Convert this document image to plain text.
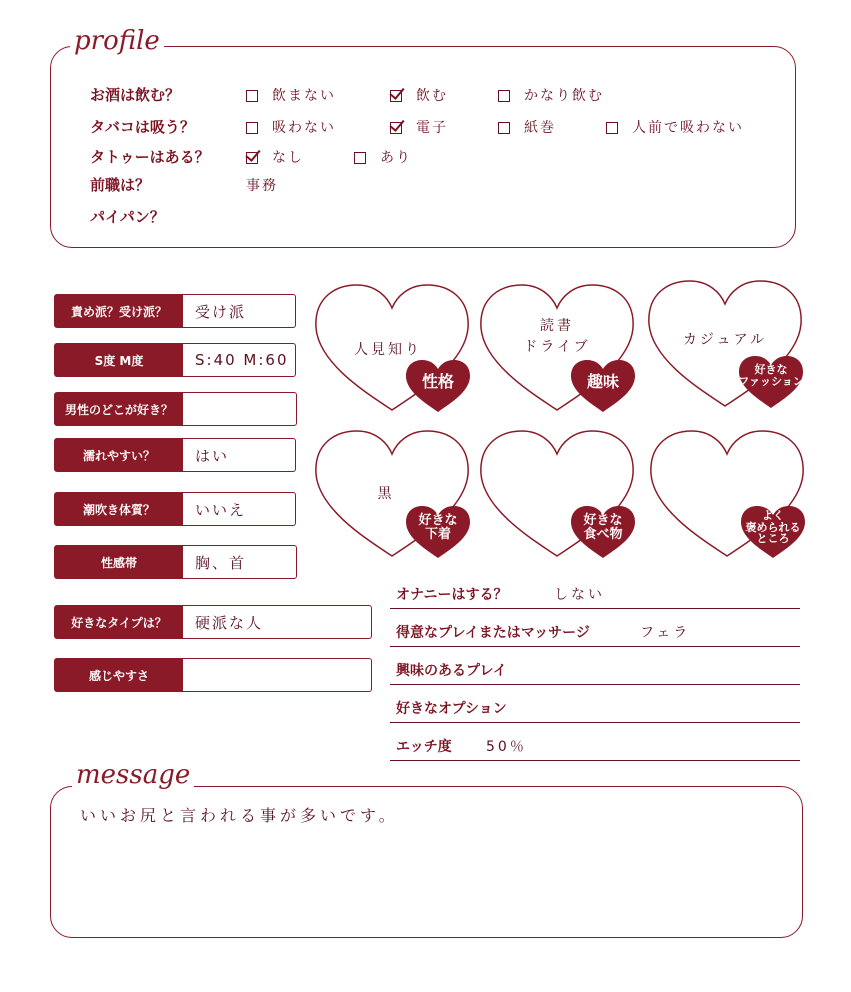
profile
お酒は飲む？	飲まない	飲む	かなり飲む
タバコは吸う？	吸わない	電子	紙巻	人前で吸わない
タトゥーはある？	なし	あり
前職は？	事務
パイパン？
責め派？受け派？	受け派
S度 M度	S:40 M:60
男性のどこが好き？
濡れやすい？	はい
潮吹き体質？	いいえ
性感帯	胸、首
好きなタイプは？	硬派な人
感じやすさ
人見知り
性格
読書
ドライブ
趣味
カジュアル
好きな
ファッション
黒
好きな
下着
好きな
食べ物
よく
褒められる
ところ
オナニーはする？	しない
得意なプレイまたはマッサージ	フェラ
興味のあるプレイ
好きなオプション
エッチ度 50％
message
いいお尻と言われる事が多いです。
